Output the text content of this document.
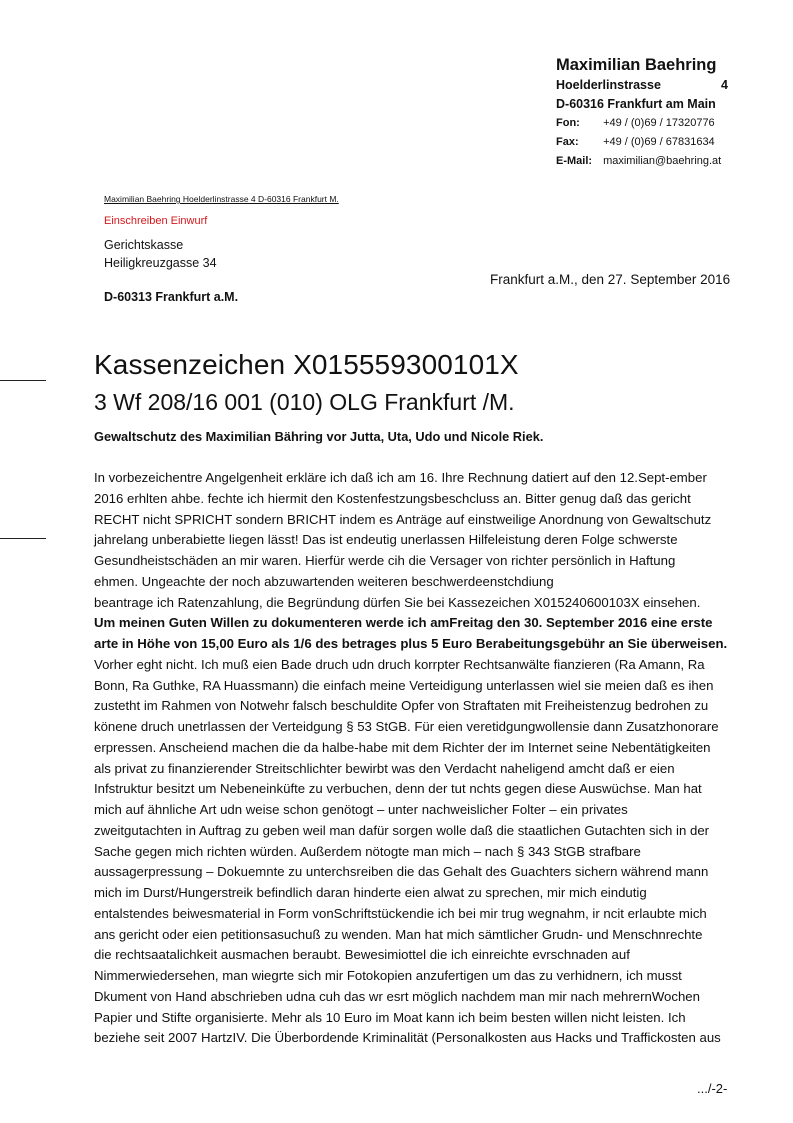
Maximilian Baehring
Hoelderlinstrasse	4
D-60316 Frankfurt am Main
Fon: +49 / (0)69 / 17320776
Fax: +49 / (0)69 / 67831634
E-Mail: maximilian@baehring.at
Maximilian Baehring Hoelderlinstrasse 4 D-60316 Frankfurt M.
Einschreiben Einwurf
Gerichtskasse
Heiligkreuzgasse 34
D-60313 Frankfurt a.M.
Frankfurt a.M., den 27. September 2016
Kassenzeichen X015559300101X
3 Wf 208/16 001 (010) OLG Frankfurt /M.
Gewaltschutz des Maximilian Bähring vor Jutta, Uta, Udo und Nicole Riek.
In vorbezeichentre Angelgenheit erkläre ich daß ich am 16. Ihre Rechnung datiert auf den 12.Sept-ember
2016 erhlten ahbe. fechte ich hiermit den Kostenfestzungsbeschcluss an. Bitter genug daß das gericht
RECHT nicht SPRICHT sondern BRICHT indem es Anträge auf einstweilige Anordnung von Gewaltschutz
jahrelang unberabiette liegen lässt! Das ist endeutig unerlassen Hilfeleistung deren Folge schwerste
Gesundheistschäden an mir waren. Hierfür werde cih die Versager von richter persönlich in Haftung
ehmen. Ungeachte der noch abzuwartenden weiteren beschwerdeenstchdiung
beantrage ich Ratenzahlung, die Begründung dürfen Sie bei Kassezeichen X015240600103X einsehen.
Um meinen Guten Willen zu dokumenteren werde ich amFreitag den 30. September 2016 eine erste
arte in Höhe von 15,00 Euro als 1/6 des betrages plus 5 Euro Berabeitungsgebühr an Sie überweisen.
Vorher eght nicht. Ich muß eien Bade druch udn druch korrpter Rechtsanwälte fianzieren (Ra Amann, Ra
Bonn, Ra Guthke, RA Huassmann) die einfach meine Verteidigung unterlassen wiel sie meien daß es ihen
zustetht im Rahmen von Notwehr falsch beschuldite Opfer von Straftaten mit Freiheistenzug bedrohen zu
könene druch unetrlassen der Verteidgung § 53 StGB. Für eien veretidgungwollensie dann Zusatzhonorare
erpressen. Anscheiend machen die da halbe-habe mit dem Richter der im Internet seine Nebentätigkeiten
als privat zu finanzierender Streitschlichter bewirbt was den Verdacht naheligend amcht daß er eien
Infstruktur besitzt um Nebeneinküfte zu verbuchen, denn der tut nchts gegen diese Auswüchse. Man hat
mich auf ähnliche Art udn weise schon genötogt – unter nachweislicher Folter – ein privates
zweitgutachten in Auftrag zu geben weil man dafür sorgen wolle daß die staatlichen Gutachten sich in der
Sache gegen mich richten würden. Außerdem nötogte man mich – nach § 343 StGB strafbare
aussagerpressung – Dokuemnte zu unterchsreiben die das Gehalt des Guachters sichern während mann
mich im Durst/Hungerstreik befindlich daran hinderte eien alwat zu sprechen, mir mich eindutig
entalstendes beiwesmaterial in Form vonSchriftstückendie ich bei mir trug wegnahm, ir ncit erlaubte mich
ans gericht oder eien petitionsasuchuß zu wenden. Man hat mich sämtlicher Grudn- und Menschnrechte
die rechtsaatalichkeit ausmachen beraubt. Bewesimiottel die ich einreichte evrschnaden auf
Nimmerwiedersehen, man wiegrte sich mir Fotokopien anzufertigen um das zu verhidnern, ich musst
Dkument von Hand abschrieben udna cuh das wr esrt möglich nachdem man mir nach mehrernWochen
Papier und Stifte organisierte. Mehr als 10 Euro im Moat kann ich beim besten willen nicht leisten. Ich
beziehe seit 2007 HartzIV. Die Überbordende Kriminalität (Personalkosten aus Hacks und Traffickosten aus
.../-2-
